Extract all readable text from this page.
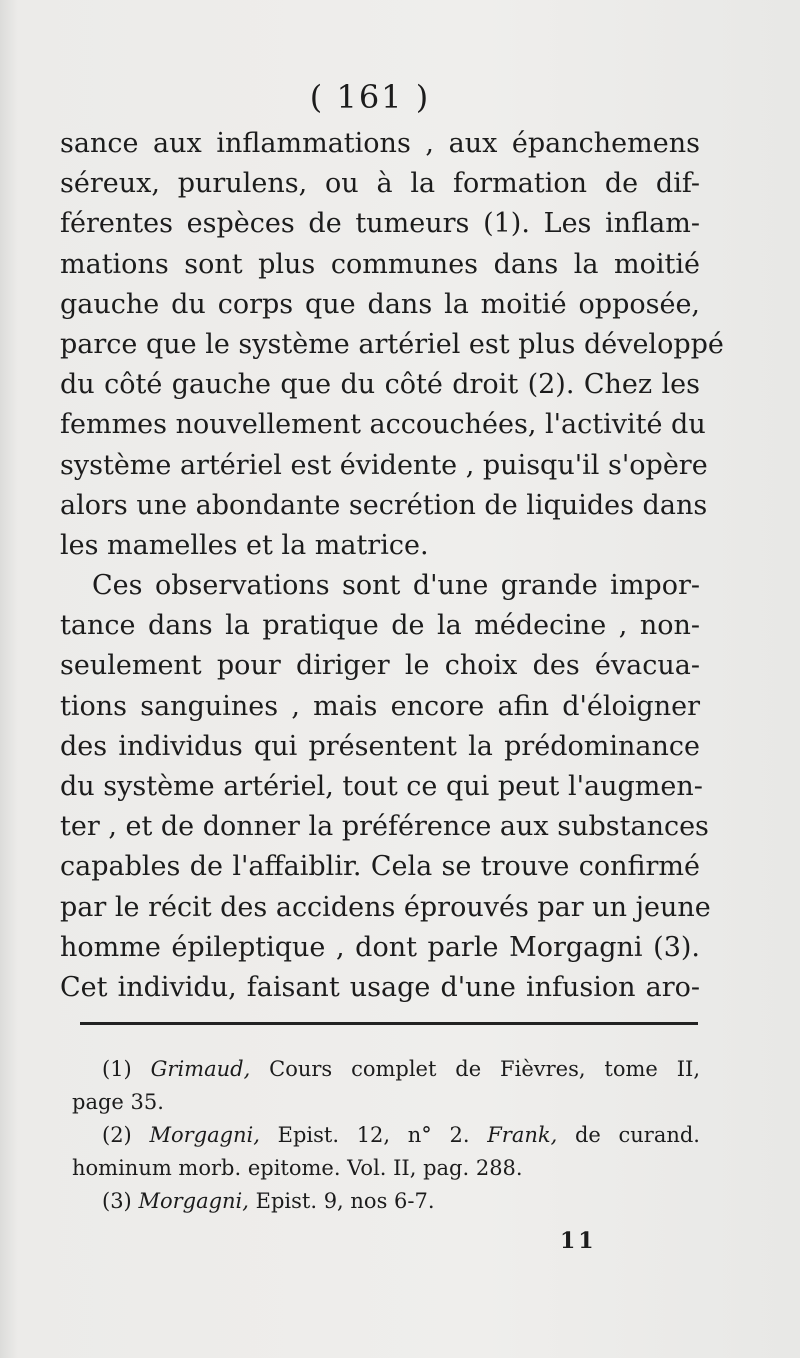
( 161 )
sance aux inflammations , aux épanchemens
séreux, purulens, ou à la formation de dif-
férentes espèces de tumeurs (1). Les inflam-
mations sont plus communes dans la moitié
gauche du corps que dans la moitié opposée,
parce que le système artériel est plus développé
du côté gauche que du côté droit (2). Chez les
femmes nouvellement accouchées, l'activité du
système artériel est évidente , puisqu'il s'opère
alors une abondante secrétion de liquides dans
les mamelles et la matrice.
Ces observations sont d'une grande impor-
tance dans la pratique de la médecine , non-
seulement pour diriger le choix des évacua-
tions sanguines , mais encore afin d'éloigner
des individus qui présentent la prédominance
du système artériel, tout ce qui peut l'augmen-
ter , et de donner la préférence aux substances
capables de l'affaiblir. Cela se trouve confirmé
par le récit des accidens éprouvés par un jeune
homme épileptique , dont parle Morgagni (3).
Cet individu, faisant usage d'une infusion aro-
(1) Grimaud, Cours complet de Fièvres, tome II,
page 35.
(2) Morgagni, Epist. 12, n° 2. Frank, de curand.
hominum morb. epitome. Vol. II, pag. 288.
(3) Morgagni, Epist. 9, nos 6-7.
11
